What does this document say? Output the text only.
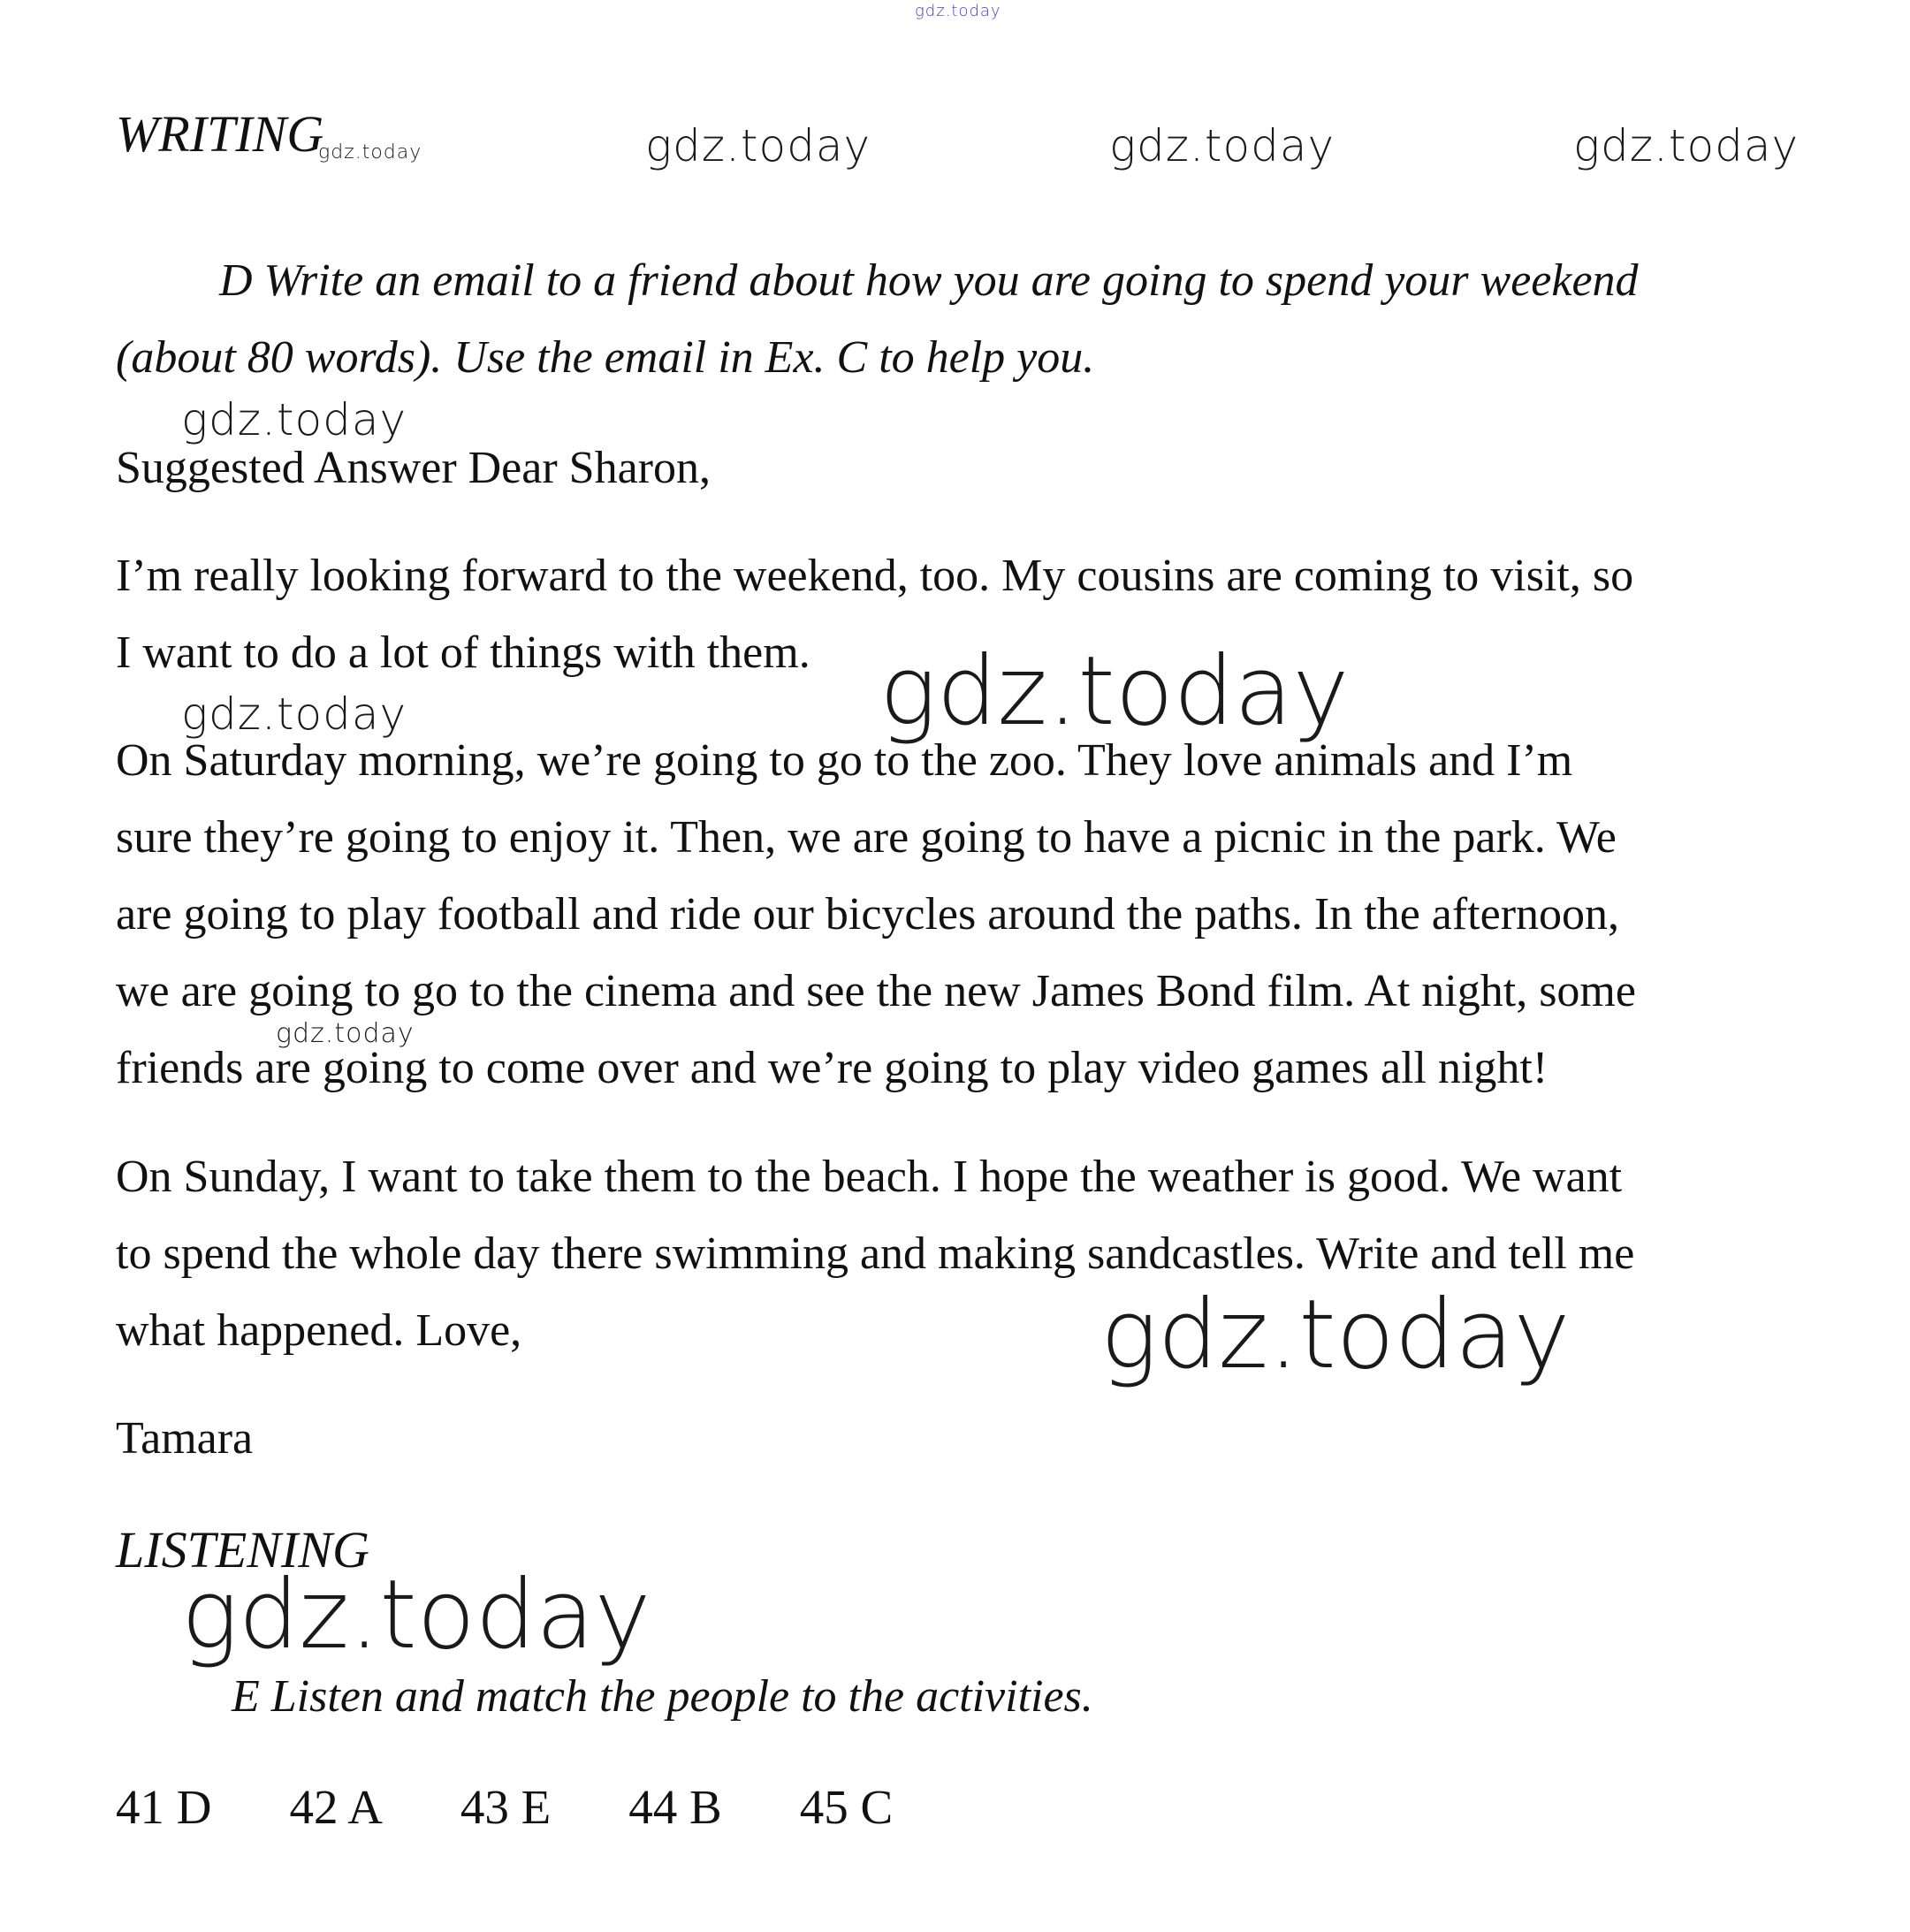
gdz.today
WRITING
gdz.today	gdz.today	gdz.today	gdz.today
D Write an email to a friend about how you are going to spend your weekend
(about 80 words). Use the email in Ex. C to help you.
gdz.today
Suggested Answer Dear Sharon,
I’m really looking forward to the weekend, too. My cousins are coming to visit, so
I want to do a lot of things with them. gdz.today
gdz.today
On Saturday morning, we’re going to go to the zoo. They love animals and I’m
sure they’re going to enjoy it. Then, we are going to have a picnic in the park. We
are going to play football and ride our bicycles around the paths. In the afternoon,
we are going to go to the cinema and see the new James Bond film. At night, some
gdz.today
friends are going to come over and we’re going to play video games all night!
On Sunday, I want to take them to the beach. I hope the weather is good. We want
to spend the whole day there swimming and making sandcastles. Write and tell me
what happened. Love,	gdz.today
Tamara
LISTENING
gdz.today
E Listen and match the people to the activities.
41 D 42 A 43 E 44 B 45 C
